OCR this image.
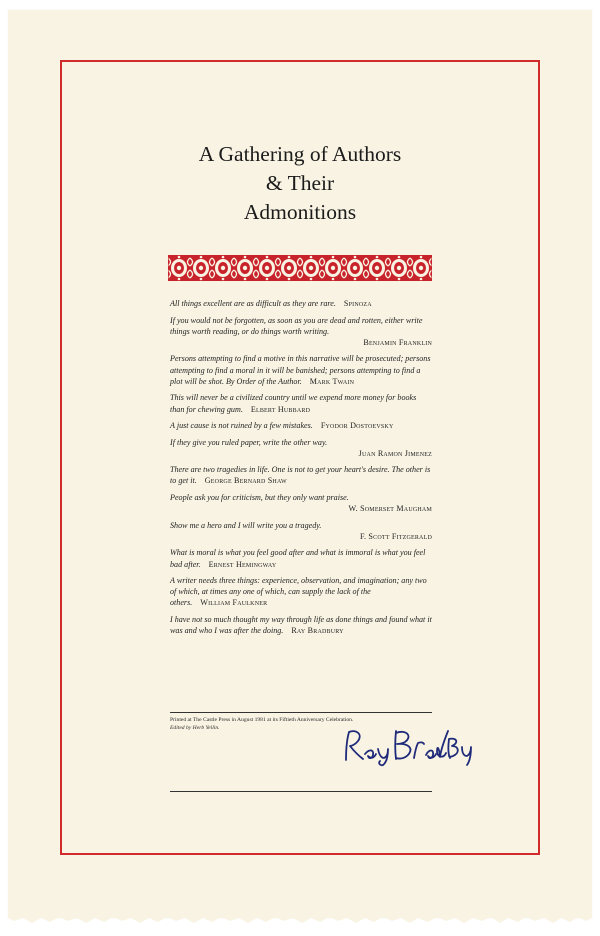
A Gathering of Authors
& Their
Admonitions

All things excellent are as difficult as they are rare. Spinoza

If you would not be forgotten, as soon as you are dead and rotten, either write things worth reading, or do things worth writing.
Benjamin Franklin

Persons attempting to find a motive in this narrative will be prosecuted; persons attempting to find a moral in it will be banished; persons attempting to find a plot will be shot. By Order of the Author. Mark Twain

This will never be a civilized country until we expend more money for books than for chewing gum. Elbert Hubbard

A just cause is not ruined by a few mistakes. Fyodor Dostoevsky

If they give you ruled paper, write the other way.
Juan Ramon Jimenez

There are two tragedies in life. One is not to get your heart's desire. The other is to get it. George Bernard Shaw

People ask you for criticism, but they only want praise.
W. Somerset Maugham

Show me a hero and I will write you a tragedy.
F. Scott Fitzgerald

What is moral is what you feel good after and what is immoral is what you feel bad after. Ernest Hemingway

A writer needs three things: experience, observation, and imagination; any two of which, at times any one of which, can supply the lack of the others. William Faulkner

I have not so much thought my way through life as done things and found what it was and who I was after the doing. Ray Bradbury

Printed at The Castle Press in August 1981 at its Fiftieth Anniversary Celebration.
Edited by Herb Yellin.
